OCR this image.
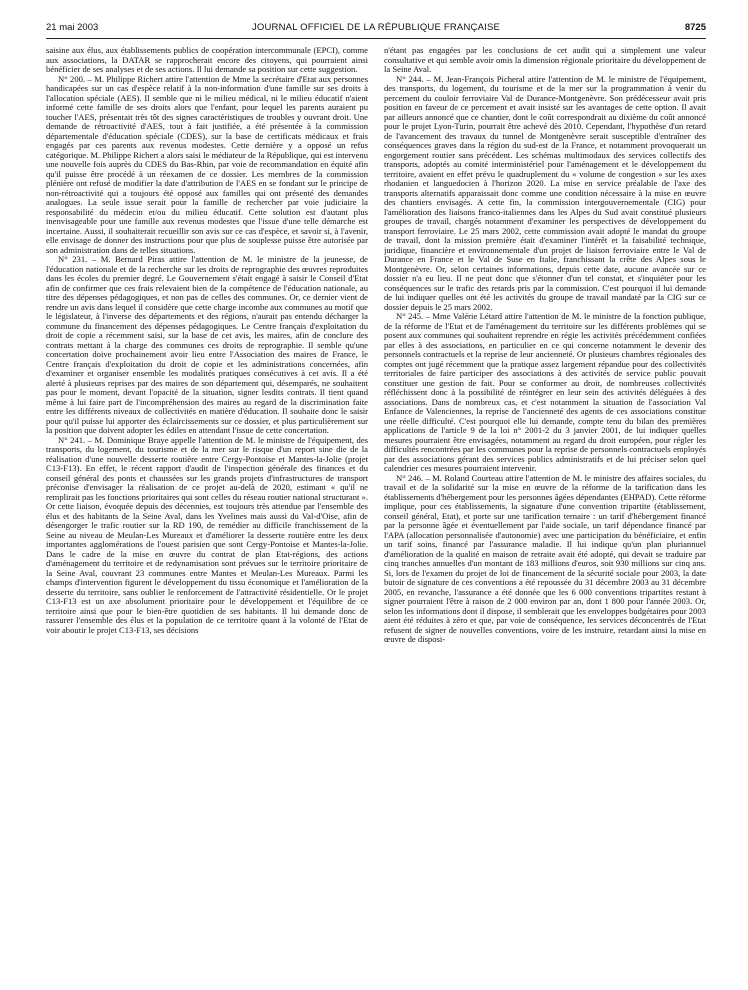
21 mai 2003	JOURNAL OFFICIEL DE LA RÉPUBLIQUE FRANÇAISE	8725

saisine aux élus, aux établissements publics de coopération intercommunale (EPCI), comme aux associations, la DATAR se rapprocherait encore des citoyens, qui pourraient ainsi bénéficier de ses analyses et de ses actions. Il lui demande sa position sur cette suggestion.

N° 200. – M. Philippe Richert attire l'attention de Mme la secrétaire d'Etat aux personnes handicapées sur un cas d'espèce relatif à la non-information d'une famille sur ses droits à l'allocation spéciale (AES). Il semble que ni le milieu médical, ni le milieu éducatif n'aient informé cette famille de ses droits alors que l'enfant, pour lequel les parents auraient pu toucher l'AES, présentait très tôt des signes caractéristiques de troubles y ouvrant droit. Une demande de rétroactivité d'AES, tout à fait justifiée, a été présentée à la commission départementale d'éducation spéciale (CDES), sur la base de certificats médicaux et frais engagés par ces parents aux revenus modestes. Cette dernière y a opposé un refus catégorique. M. Philippe Richert a alors saisi le médiateur de la République, qui est intervenu une nouvelle fois auprès du CDES du Bas-Rhin, par voie de recommandation en équité afin qu'il puisse être procédé à un réexamen de ce dossier. Les membres de la commission plénière ont refusé de modifier la date d'attribution de l'AES en se fondant sur le principe de non-rétroactivité qui a toujours été opposé aux familles qui ont présenté des demandes analogues. La seule issue serait pour la famille de rechercher par voie judiciaire la responsabilité du médecin et/ou du milieu éducatif. Cette solution est d'autant plus inenvisageable pour une famille aux revenus modestes que l'issue d'une telle démarche est incertaine. Aussi, il souhaiterait recueillir son avis sur ce cas d'espèce, et savoir si, à l'avenir, elle envisage de donner des instructions pour que plus de souplesse puisse être autorisée par son administration dans de telles situations.

N° 231. – M. Bernard Piras attire l'attention de M. le ministre de la jeunesse, de l'éducation nationale et de la recherche sur les droits de reprographie des œuvres reproduites dans les écoles du premier degré. Le Gouvernement s'était engagé à saisir le Conseil d'Etat afin de confirmer que ces frais relevaient bien de la compétence de l'éducation nationale, au titre des dépenses pédagogiques, et non pas de celles des communes. Or, ce dernier vient de rendre un avis dans lequel il considère que cette charge incombe aux communes au motif que le législateur, à l'inverse des départements et des régions, n'aurait pas entendu décharger la commune du financement des dépenses pédagogiques. Le Centre français d'exploitation du droit de copie a récemment saisi, sur la base de cet avis, les maires, afin de conclure des contrats mettant à la charge des communes ces droits de reprographie. Il semble qu'une concertation doive prochainement avoir lieu entre l'Association des maires de France, le Centre français d'exploitation du droit de copie et les administrations concernées, afin d'examiner et organiser ensemble les modalités pratiques consécutives à cet avis. Il a été alerté à plusieurs reprises par des maires de son département qui, désemparés, ne souhaitent pas pour le moment, devant l'opacité de la situation, signer lesdits contrats. Il tient quand même à lui faire part de l'incompréhension des maires au regard de la discrimination faite entre les différents niveaux de collectivités en matière d'éducation. Il souhaite donc le saisir pour qu'il puisse lui apporter des éclaircissements sur ce dossier, et plus particulièrement sur la position que doivent adopter les édiles en attendant l'issue de cette concertation.

N° 241. – M. Dominique Braye appelle l'attention de M. le ministre de l'équipement, des transports, du logement, du tourisme et de la mer sur le risque d'un report sine die de la réalisation d'une nouvelle desserte routière entre Cergy-Pontoise et Mantes-la-Jolie (projet C13-F13). En effet, le récent rapport d'audit de l'inspection générale des finances et du conseil général des ponts et chaussées sur les grands projets d'infrastructures de transport préconise d'envisager la réalisation de ce projet au-delà de 2020, estimant « qu'il ne remplirait pas les fonctions prioritaires qui sont celles du réseau routier national structurant ». Or cette liaison, évoquée depuis des décennies, est toujours très attendue par l'ensemble des élus et des habitants de la Seine Aval, dans les Yvelines mais aussi du Val-d'Oise, afin de désengorger le trafic routier sur la RD 190, de remédier au difficile franchissement de la Seine au niveau de Meulan-Les Mureaux et d'améliorer la desserte routière entre les deux importantes agglomérations de l'ouest parisien que sont Cergy-Pontoise et Mantes-la-Jolie. Dans le cadre de la mise en œuvre du contrat de plan Etat-régions, des actions d'aménagement du territoire et de redynamisation sont prévues sur le territoire prioritaire de la Seine Aval, couvrant 23 communes entre Mantes et Meulan-Les Mureaux. Parmi les champs d'intervention figurent le développement du tissu économique et l'amélioration de la desserte du territoire, sans oublier le renforcement de l'attractivité résidentielle. Or le projet C13-F13 est un axe absolument prioritaire pour le développement et l'équilibre de ce territoire ainsi que pour le bien-être quotidien de ses habitants. Il lui demande donc de rassurer l'ensemble des élus et la population de ce territoire quant à la volonté de l'Etat de voir aboutir le projet C13-F13, ses décisions

n'étant pas engagées par les conclusions de cet audit qui a simplement une valeur consultative et qui semble avoir omis la dimension régionale prioritaire du développement de la Seine Aval.

N° 244. – M. Jean-François Picheral attire l'attention de M. le ministre de l'équipement, des transports, du logement, du tourisme et de la mer sur la programmation à venir du percement du couloir ferroviaire Val de Durance-Montgenèvre. Son prédécesseur avait pris position en faveur de ce percement et avait insisté sur les avantages de cette option. Il avait par ailleurs annoncé que ce chantier, dont le coût correspondrait au dixième du coût annoncé pour le projet Lyon-Turin, pourrait être achevé dès 2010. Cependant, l'hypothèse d'un retard de l'avancement des travaux du tunnel de Montgenèvre serait susceptible d'entraîner des conséquences graves dans la région du sud-est de la France, et notamment provoquerait un engorgement routier sans précédent. Les schémas multimodaux des services collectifs des transports, adoptés au comité interministériel pour l'aménagement et le développement du territoire, avaient en effet prévu le quadruplement du « volume de congestion » sur les axes rhodanien et languedocien à l'horizon 2020. La mise en service préalable de l'axe des transports alternatifs apparaissait donc comme une condition nécessaire à la mise en œuvre des chantiers envisagés. A cette fin, la commission intergouvernementale (CIG) pour l'amélioration des liaisons franco-italiennes dans les Alpes du Sud avait constitué plusieurs groupes de travail, chargés notamment d'examiner les perspectives de développement du transport ferroviaire. Le 25 mars 2002, cette commission avait adopté le mandat du groupe de travail, dont la mission première était d'examiner l'intérêt et la faisabilité technique, juridique, financière et environnementale d'un projet de liaison ferroviaire entre le Val de Durance en France et le Val de Suse en Italie, franchissant la crête des Alpes sous le Montgenèvre. Or, selon certaines informations, depuis cette date, aucune avancée sur ce dossier n'a eu lieu. Il ne peut donc que s'étonner d'un tel constat, et s'inquiéter pour les conséquences sur le trafic des retards pris par la commission. C'est pourquoi il lui demande de lui indiquer quelles ont été les activités du groupe de travail mandaté par la CIG sur ce dossier depuis le 25 mars 2002.

N° 245. – Mme Valérie Létard attire l'attention de M. le ministre de la fonction publique, de la réforme de l'Etat et de l'aménagement du territoire sur les différents problèmes qui se posent aux communes qui souhaitent reprendre en régie les activités précédemment confiées par elles à des associations, en particulier en ce qui concerne notamment le devenir des personnels contractuels et la reprise de leur ancienneté. Or plusieurs chambres régionales des comptes ont jugé récemment que la pratique assez largement répandue pour des collectivités territoriales de faire participer des associations à des activités de service public pouvait constituer une gestion de fait. Pour se conformer au droit, de nombreuses collectivités réfléchissent donc à la possibilité de réintégrer en leur sein des activités déléguées à des associations. Dans de nombreux cas, et c'est notamment la situation de l'association Val Enfance de Valenciennes, la reprise de l'ancienneté des agents de ces associations constitue une réelle difficulté. C'est pourquoi elle lui demande, compte tenu du bilan des premières applications de l'article 9 de la loi n° 2001-2 du 3 janvier 2001, de lui indiquer quelles mesures pourraient être envisagées, notamment au regard du droit européen, pour régler les difficultés rencontrées par les communes pour la reprise de personnels contractuels employés par des associations gérant des services publics administratifs et de lui préciser selon quel calendrier ces mesures pourraient intervenir.

N° 246. – M. Roland Courteau attire l'attention de M. le ministre des affaires sociales, du travail et de la solidarité sur la mise en œuvre de la réforme de la tarification dans les établissements d'hébergement pour les personnes âgées dépendantes (EHPAD). Cette réforme implique, pour ces établissements, la signature d'une convention tripartite (établissement, conseil général, Etat), et porte sur une tarification ternaire : un tarif d'hébergement financé par la personne âgée et éventuellement par l'aide sociale, un tarif dépendance financé par l'APA (allocation personnalisée d'autonomie) avec une participation du bénéficiaire, et enfin un tarif soins, financé par l'assurance maladie. Il lui indique qu'un plan pluriannuel d'amélioration de la qualité en maison de retraite avait été adopté, qui devait se traduire par cinq tranches annuelles d'un montant de 183 millions d'euros, soit 930 millions sur cinq ans. Si, lors de l'examen du projet de loi de financement de la sécurité sociale pour 2003, la date butoir de signature de ces conventions a été repoussée du 31 décembre 2003 au 31 décembre 2005, en revanche, l'assurance a été donnée que les 6 000 conventions tripartites restant à signer pourraient l'être à raison de 2 000 environ par an, dont 1 800 pour l'année 2003. Or, selon les informations dont il dispose, il semblerait que les enveloppes budgétaires pour 2003 aient été réduites à zéro et que, par voie de conséquence, les services déconcentrés de l'Etat refusent de signer de nouvelles conventions, voire de les instruire, retardant ainsi la mise en œuvre de disposi-
